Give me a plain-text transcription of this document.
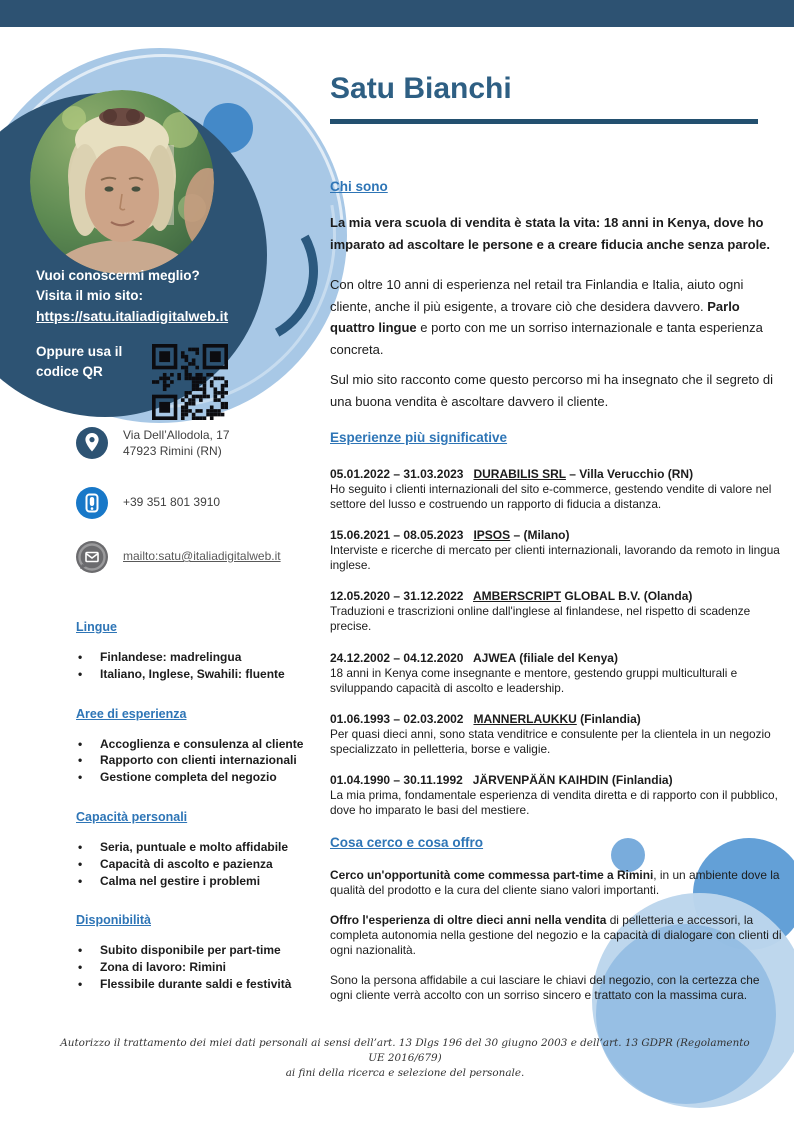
Vuoi conoscermi meglio?
Visita il mio sito:
https://satu.italiadigitalweb.it
Oppure usa il
codice QR
Via Dell’Allodola, 17
47923 Rimini (RN)
+39 351 801 3910
mailto:satu@italiadigitalweb.it
Lingue
• Finlandese: madrelingua
• Italiano, Inglese, Swahili: fluente
Aree di esperienza
• Accoglienza e consulenza al cliente
• Rapporto con clienti internazionali
• Gestione completa del negozio
Capacità personali
• Seria, puntuale e molto affidabile
• Capacità di ascolto e pazienza
• Calma nel gestire i problemi
Disponibilità
• Subito disponibile per part-time
• Zona di lavoro: Rimini
• Flessibile durante saldi e festività
Satu Bianchi
Chi sono

La mia vera scuola di vendita è stata la vita: 18 anni in Kenya, dove ho imparato ad ascoltare le persone e a creare fiducia anche senza parole.

Con oltre 10 anni di esperienza nel retail tra Finlandia e Italia, aiuto ogni cliente, anche il più esigente, a trovare ciò che desidera davvero. Parlo quattro lingue e porto con me un sorriso internazionale e tanta esperienza concreta.

Sul mio sito racconto come questo percorso mi ha insegnato che il segreto di una buona vendita è ascoltare davvero il cliente.

Esperienze più significative
05.01.2022 – 31.03.2023   DURABILIS SRL – Villa Verucchio (RN)
Ho seguito i clienti internazionali del sito e-commerce, gestendo vendite di valore nel settore del lusso e costruendo un rapporto di fiducia a distanza.
15.06.2021 – 08.05.2023   IPSOS – (Milano)
Interviste e ricerche di mercato per clienti internazionali, lavorando da remoto in lingua inglese.
12.05.2020 – 31.12.2022   AMBERSCRIPT GLOBAL B.V. (Olanda)
Traduzioni e trascrizioni online dall'inglese al finlandese, nel rispetto di scadenze precise.
24.12.2002 – 04.12.2020   AJWEA (filiale del Kenya)
18 anni in Kenya come insegnante e mentore, gestendo gruppi multiculturali e sviluppando capacità di ascolto e leadership.
01.06.1993 – 02.03.2002   MANNERLAUKKU (Finlandia)
Per quasi dieci anni, sono stata venditrice e consulente per la clientela in un negozio specializzato in pelletteria, borse e valigie.
01.04.1990 – 30.11.1992   JÄRVENPÄÄN KAIHDIN (Finlandia)
La mia prima, fondamentale esperienza di vendita diretta e di rapporto con il pubblico, dove ho imparato le basi del mestiere.
Cosa cerco e cosa offro

Cerco un'opportunità come commessa part-time a Rimini, in un ambiente dove la qualità del prodotto e la cura del cliente siano valori importanti.

Offro l'esperienza di oltre dieci anni nella vendita di pelletteria e accessori, la completa autonomia nella gestione del negozio e la capacità di dialogare con clienti di ogni nazionalità.

Sono la persona affidabile a cui lasciare le chiavi del negozio, con la certezza che ogni cliente verrà accolto con un sorriso sincero e trattato con la massima cura.

Autorizzo il trattamento dei miei dati personali ai sensi dell’art. 13 Dlgs 196 del 30 giugno 2003 e dell’art. 13 GDPR (Regolamento UE 2016/679)
ai fini della ricerca e selezione del personale.
